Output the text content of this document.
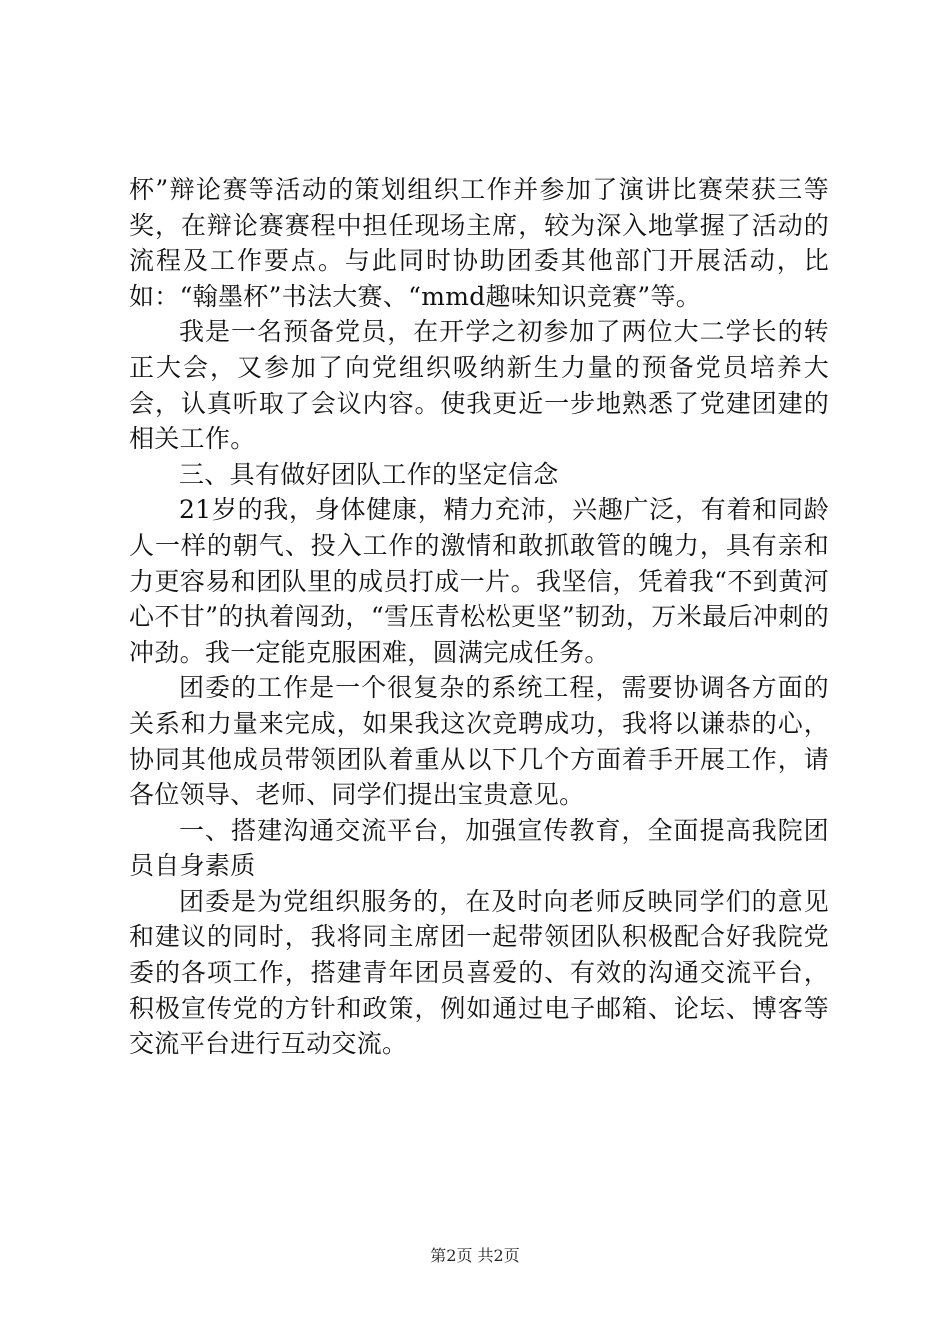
杯”辩论赛等活动的策划组织工作并参加了演讲比赛荣获三等奖，在辩论赛赛程中担任现场主席，较为深入地掌握了活动的流程及工作要点。与此同时协助团委其他部门开展活动，比如：“翰墨杯”书法大赛、“mmd趣味知识竞赛”等。

我是一名预备党员，在开学之初参加了两位大二学长的转正大会，又参加了向党组织吸纳新生力量的预备党员培养大会，认真听取了会议内容。使我更近一步地熟悉了党建团建的相关工作。

三、具有做好团队工作的坚定信念

21岁的我，身体健康，精力充沛，兴趣广泛，有着和同龄人一样的朝气、投入工作的激情和敢抓敢管的魄力，具有亲和力更容易和团队里的成员打成一片。我坚信，凭着我“不到黄河心不甘”的执着闯劲，“雪压青松松更坚”韧劲，万米最后冲刺的冲劲。我一定能克服困难，圆满完成任务。

团委的工作是一个很复杂的系统工程，需要协调各方面的关系和力量来完成，如果我这次竞聘成功，我将以谦恭的心，协同其他成员带领团队着重从以下几个方面着手开展工作，请各位领导、老师、同学们提出宝贵意见。

一、搭建沟通交流平台，加强宣传教育，全面提高我院团员自身素质

团委是为党组织服务的，在及时向老师反映同学们的意见和建议的同时，我将同主席团一起带领团队积极配合好我院党委的各项工作，搭建青年团员喜爱的、有效的沟通交流平台，积极宣传党的方针和政策，例如通过电子邮箱、论坛、博客等交流平台进行互动交流。

第2页 共2页
